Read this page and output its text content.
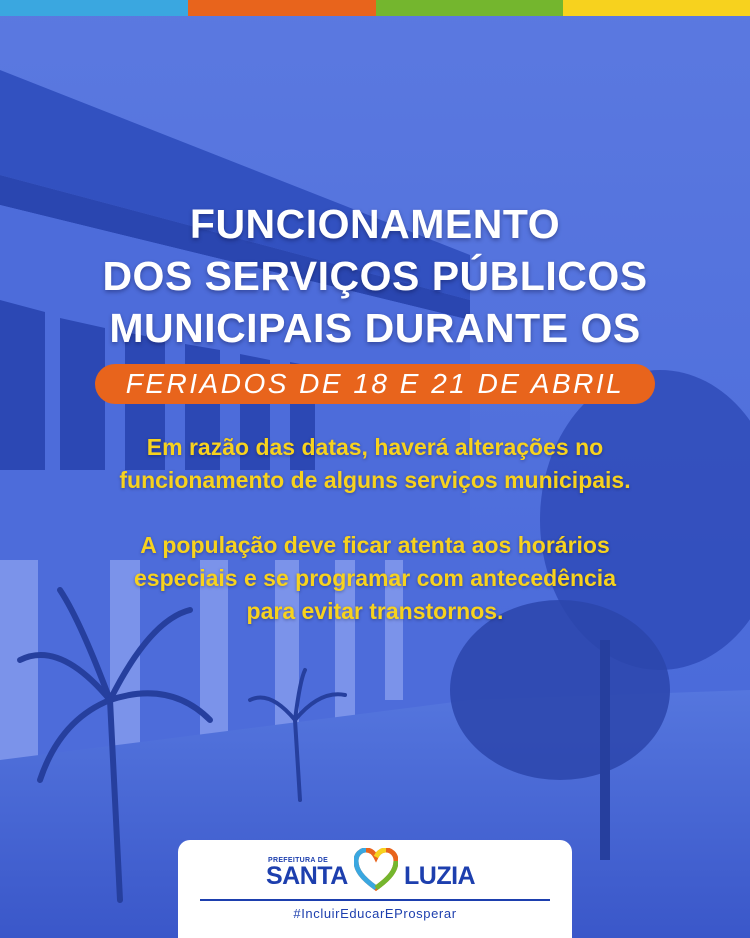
FUNCIONAMENTO
DOS SERVIÇOS PÚBLICOS
MUNICIPAIS DURANTE OS
FERIADOS DE 18 E 21 DE ABRIL
Em razão das datas, haverá alterações no
funcionamento de alguns serviços municipais.
A população deve ficar atenta aos horários
especiais e se programar com antecedência
para evitar transtornos.
PREFEITURA DE
SANTA LUZIA
#IncluirEducarEProsperar
